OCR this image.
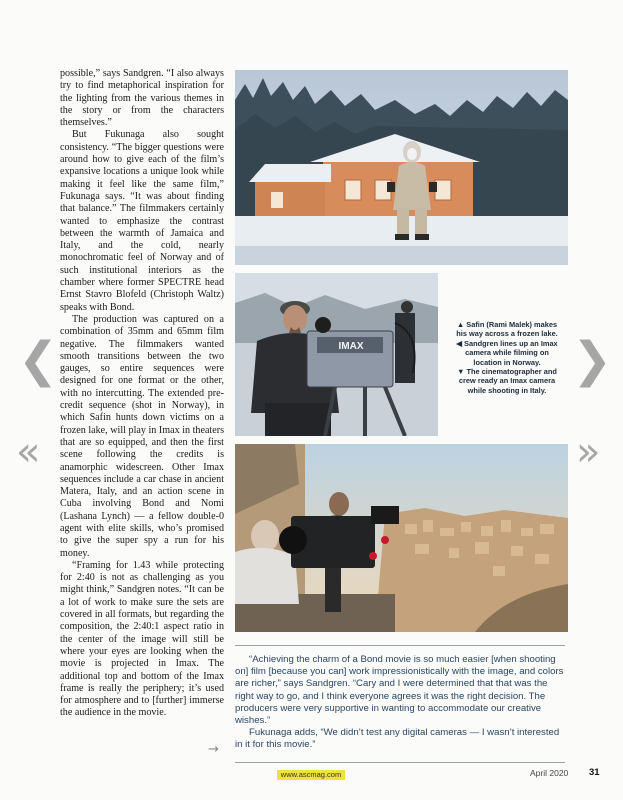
possible,” says Sandgren. “I also always try to find metaphorical inspiration for the lighting from the various themes in the story or from the characters themselves.”

But Fukunaga also sought consistency. “The bigger questions were around how to give each of the film’s expansive locations a unique look while making it feel like the same film,” Fukunaga says. “It was about finding that balance.” The filmmakers certainly wanted to emphasize the contrast between the warmth of Jamaica and Italy, and the cold, nearly monochromatic feel of Norway and of such institutional interiors as the chamber where former SPECTRE head Ernst Stavro Blofeld (Christoph Waltz) speaks with Bond.

The production was captured on a combination of 35mm and 65mm film negative. The filmmakers wanted smooth transitions between the two gauges, so entire sequences were designed for one format or the other, with no intercutting. The extended pre-credit sequence (shot in Norway), in which Safin hunts down victims on a frozen lake, will play in Imax in theaters that are so equipped, and then the first scene following the credits is anamorphic widescreen. Other Imax sequences include a car chase in ancient Matera, Italy, and an action scene in Cuba involving Bond and Nomi (Lashana Lynch) — a fellow double-0 agent with elite skills, who’s promised to give the super spy a run for his money.

“Framing for 1.43 while protecting for 2:40 is not as challenging as you might think,” Sandgren notes. “It can be a lot of work to make sure the sets are covered in all formats, but regarding the composition, the 2:40:1 aspect ratio in the center of the image will still be where your eyes are looking when the movie is projected in Imax. The additional top and bottom of the Imax frame is really the periphery; it’s used for atmosphere and to [further] immerse the audience in the movie.

→
IMAX
▲ Safin (Rami Malek) makes his way across a frozen lake.
◀ Sandgren lines up an Imax camera while filming on location in Norway.
▼ The cinematographer and crew ready an Imax camera while shooting in Italy.

“Achieving the charm of a Bond movie is so much easier [when shooting on] film [because you can] work impressionistically with the image, and colors are richer,” says Sandgren. “Cary and I were determined that that was the right way to go, and I think everyone agrees it was the right decision. The producers were very supportive in wanting to accommodate our creative wishes.”

Fukunaga adds, “We didn’t test any digital cameras — I wasn’t interested in it for this movie.”

www.ascmag.com	April 2020 31
❮	❯
«	»
